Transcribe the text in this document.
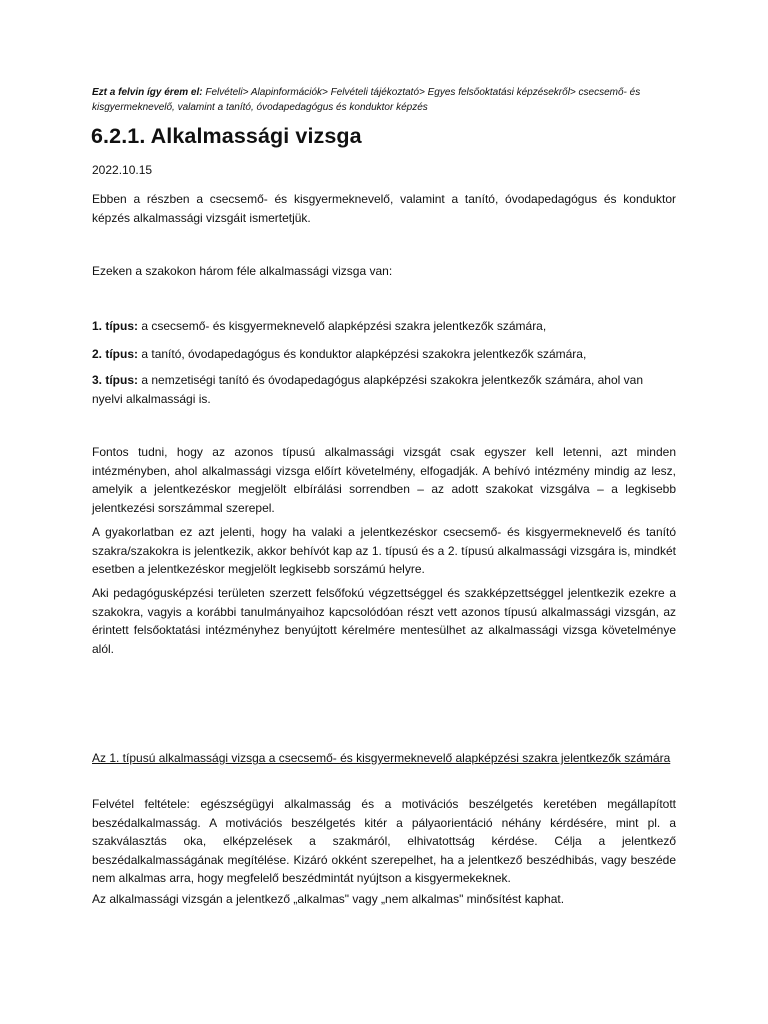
Ezt a felvin így érem el: Felvételi> Alapinformációk> Felvételi tájékoztató> Egyes felsőoktatási képzésekről> csecsemő- és kisgyermeknevelő, valamint a tanító, óvodapedagógus és konduktor képzés
6.2.1. Alkalmassági vizsga
2022.10.15

Ebben a részben a csecsemő- és kisgyermeknevelő, valamint a tanító, óvodapedagógus és konduktor képzés alkalmassági vizsgáit ismertetjük.

Ezeken a szakokon három féle alkalmassági vizsga van:

1. típus: a csecsemő- és kisgyermeknevelő alapképzési szakra jelentkezők számára,

2. típus: a tanító, óvodapedagógus és konduktor alapképzési szakokra jelentkezők számára,

3. típus: a nemzetiségi tanító és óvodapedagógus alapképzési szakokra jelentkezők számára, ahol van nyelvi alkalmassági is.

Fontos tudni, hogy az azonos típusú alkalmassági vizsgát csak egyszer kell letenni, azt minden intézményben, ahol alkalmassági vizsga előírt követelmény, elfogadják. A behívó intézmény mindig az lesz, amelyik a jelentkezéskor megjelölt elbírálási sorrendben – az adott szakokat vizsgálva – a legkisebb jelentkezési sorszámmal szerepel.

A gyakorlatban ez azt jelenti, hogy ha valaki a jelentkezéskor csecsemő- és kisgyermeknevelő és tanító szakra/szakokra is jelentkezik, akkor behívót kap az 1. típusú és a 2. típusú alkalmassági vizsgára is, mindkét esetben a jelentkezéskor megjelölt legkisebb sorszámú helyre.

Aki pedagógusképzési területen szerzett felsőfokú végzettséggel és szakképzettséggel jelentkezik ezekre a szakokra, vagyis a korábbi tanulmányaihoz kapcsolódóan részt vett azonos típusú alkalmassági vizsgán, az érintett felsőoktatási intézményhez benyújtott kérelmére mentesülhet az alkalmassági vizsga követelménye alól.

Az 1. típusú alkalmassági vizsga a csecsemő- és kisgyermeknevelő alapképzési szakra jelentkezők számára

Felvétel feltétele: egészségügyi alkalmasság és a motivációs beszélgetés keretében megállapított beszédalkalmasság. A motivációs beszélgetés kitér a pályaorientáció néhány kérdésére, mint pl. a szakválasztás oka, elképzelések a szakmáról, elhivatottság kérdése. Célja a jelentkező beszédalkalmasságának megítélése. Kizáró okként szerepelhet, ha a jelentkező beszédhibás, vagy beszéde nem alkalmas arra, hogy megfelelő beszédmintát nyújtson a kisgyermekeknek.

Az alkalmassági vizsgán a jelentkező „alkalmas" vagy „nem alkalmas" minősítést kaphat.
